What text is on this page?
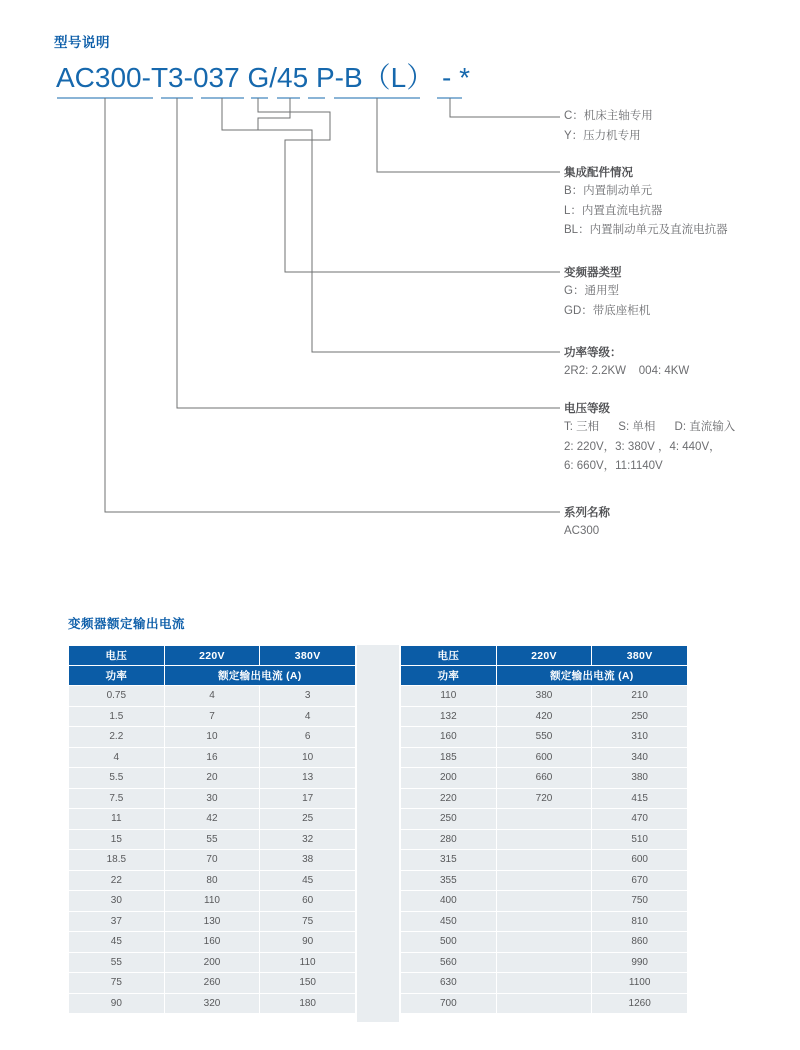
型号说明
AC300-T3-037 G/45 P-B（L） - *
C：机床主轴专用
Y：压力机专用
集成配件情况
B：内置制动单元
L：内置直流电抗器
BL：内置制动单元及直流电抗器
变频器类型
G：通用型
GD：带底座柜机
功率等级：
2R2: 2.2KW    004: 4KW
电压等级
T: 三相      S: 单相      D: 直流输入
2: 220V，3: 380V ，4: 440V，
6: 660V，11:1140V
系列名称
AC300
变频器额定输出电流
电压	220V	380V
功率	额定输出电流 (A)	
0.75	4	3
1.5	7	4
2.2	10	6
4	16	10
5.5	20	13
7.5	30	17
11	42	25
15	55	32
18.5	70	38
22	80	45
30	110	60
37	130	75
45	160	90
55	200	110
75	260	150
90	320	180
电压	220V	380V
功率	额定输出电流 (A)	
110	380	210
132	420	250
160	550	310
185	600	340
200	660	380
220	720	415
250		470
280		510
315		600
355		670
400		750
450		810
500		860
560		990
630		1100
700		1260
